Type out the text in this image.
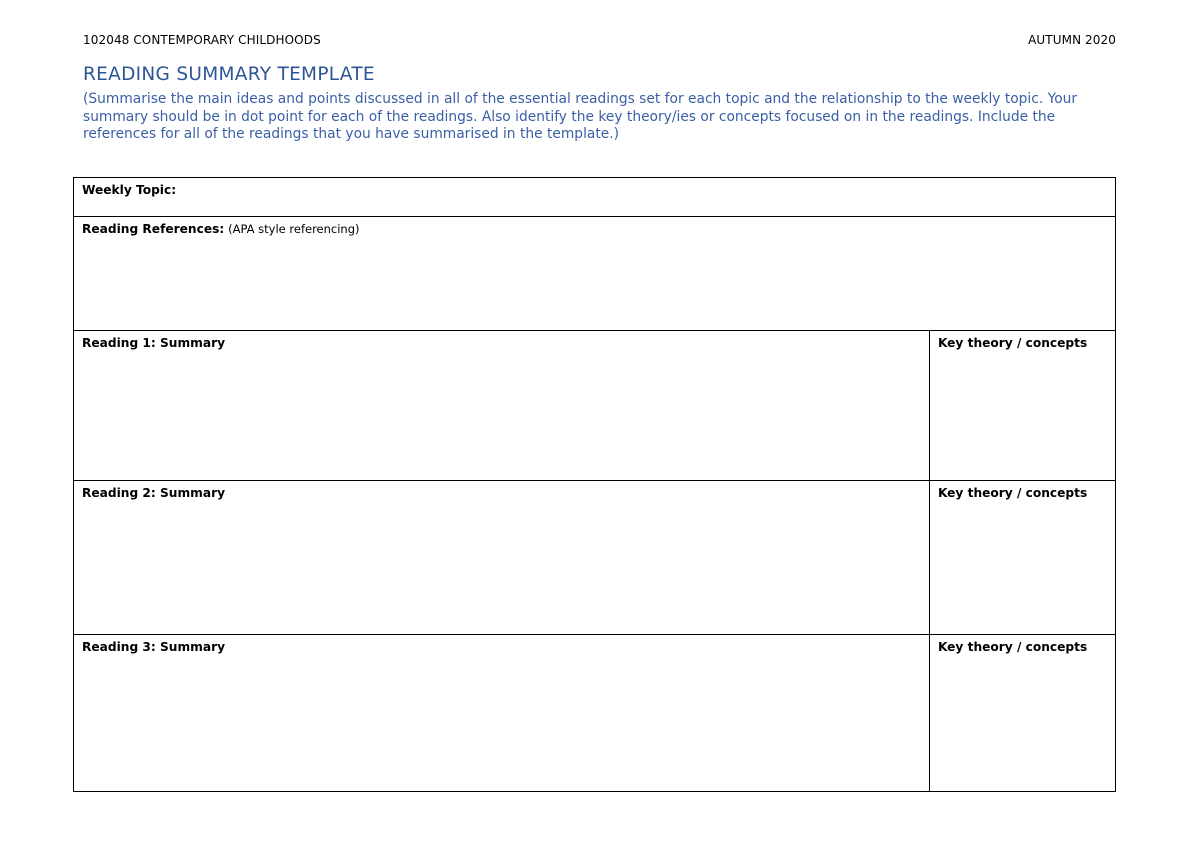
102048 CONTEMPORARY CHILDHOODS	AUTUMN 2020
READING SUMMARY TEMPLATE
(Summarise the main ideas and points discussed in all of the essential readings set for each topic and the relationship to the weekly topic. Your summary should be in dot point for each of the readings. Also identify the key theory/ies or concepts focused on in the readings. Include the references for all of the readings that you have summarised in the template.)
Weekly Topic:	
Reading References: (APA style referencing)	
Reading 1: Summary	Key theory / concepts
Reading 2: Summary	Key theory / concepts
Reading 3: Summary	Key theory / concepts
